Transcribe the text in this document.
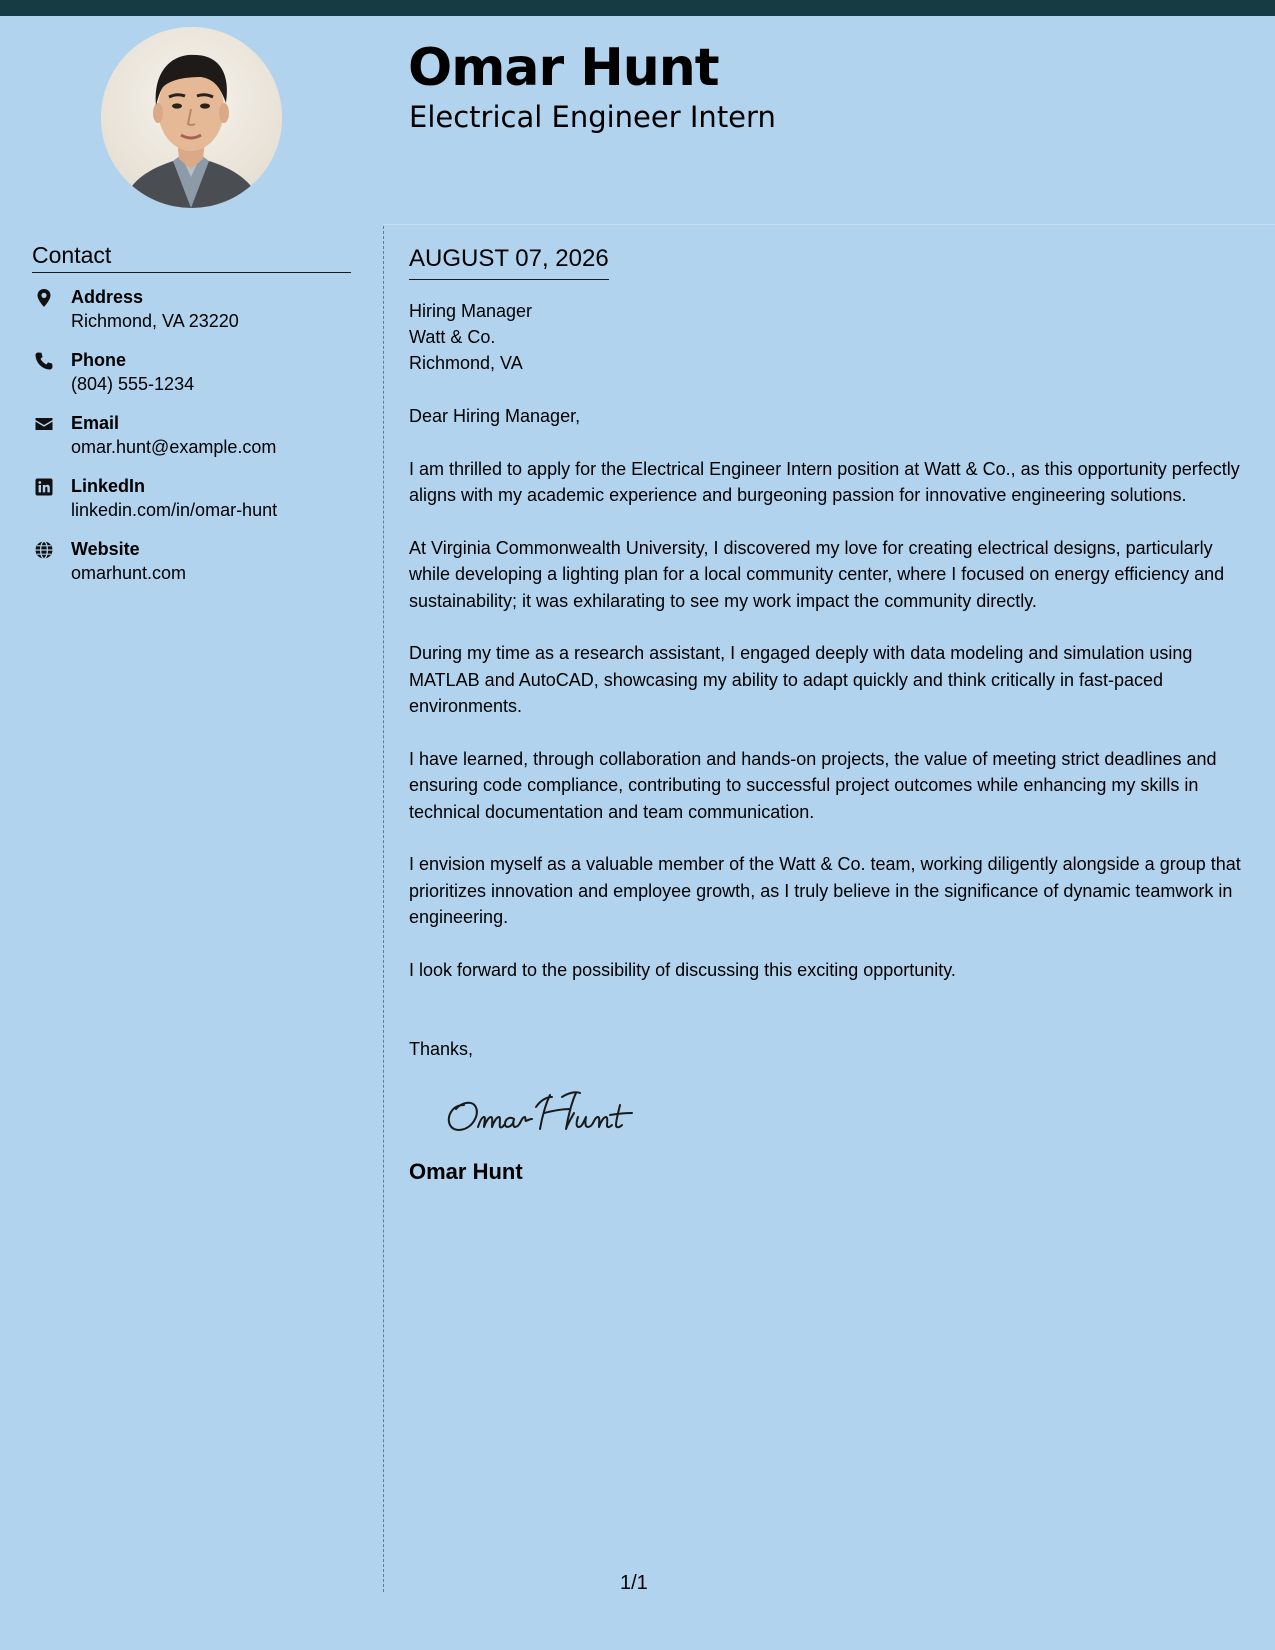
Omar Hunt
Electrical Engineer Intern
Contact
Address
Richmond, VA 23220
Phone
(804) 555-1234
Email
omar.hunt@example.com
LinkedIn
linkedin.com/in/omar-hunt
Website
omarhunt.com
AUGUST 07, 2026
Hiring Manager
Watt & Co.
Richmond, VA
Dear Hiring Manager,
I am thrilled to apply for the Electrical Engineer Intern position at Watt & Co., as this opportunity perfectly aligns with my academic experience and burgeoning passion for innovative engineering solutions.
At Virginia Commonwealth University, I discovered my love for creating electrical designs, particularly while developing a lighting plan for a local community center, where I focused on energy efficiency and sustainability; it was exhilarating to see my work impact the community directly.
During my time as a research assistant, I engaged deeply with data modeling and simulation using MATLAB and AutoCAD, showcasing my ability to adapt quickly and think critically in fast-paced environments.
I have learned, through collaboration and hands-on projects, the value of meeting strict deadlines and ensuring code compliance, contributing to successful project outcomes while enhancing my skills in technical documentation and team communication.
I envision myself as a valuable member of the Watt & Co. team, working diligently alongside a group that prioritizes innovation and employee growth, as I truly believe in the significance of dynamic teamwork in engineering.
I look forward to the possibility of discussing this exciting opportunity.
Thanks,
Omar Hunt
1/1
